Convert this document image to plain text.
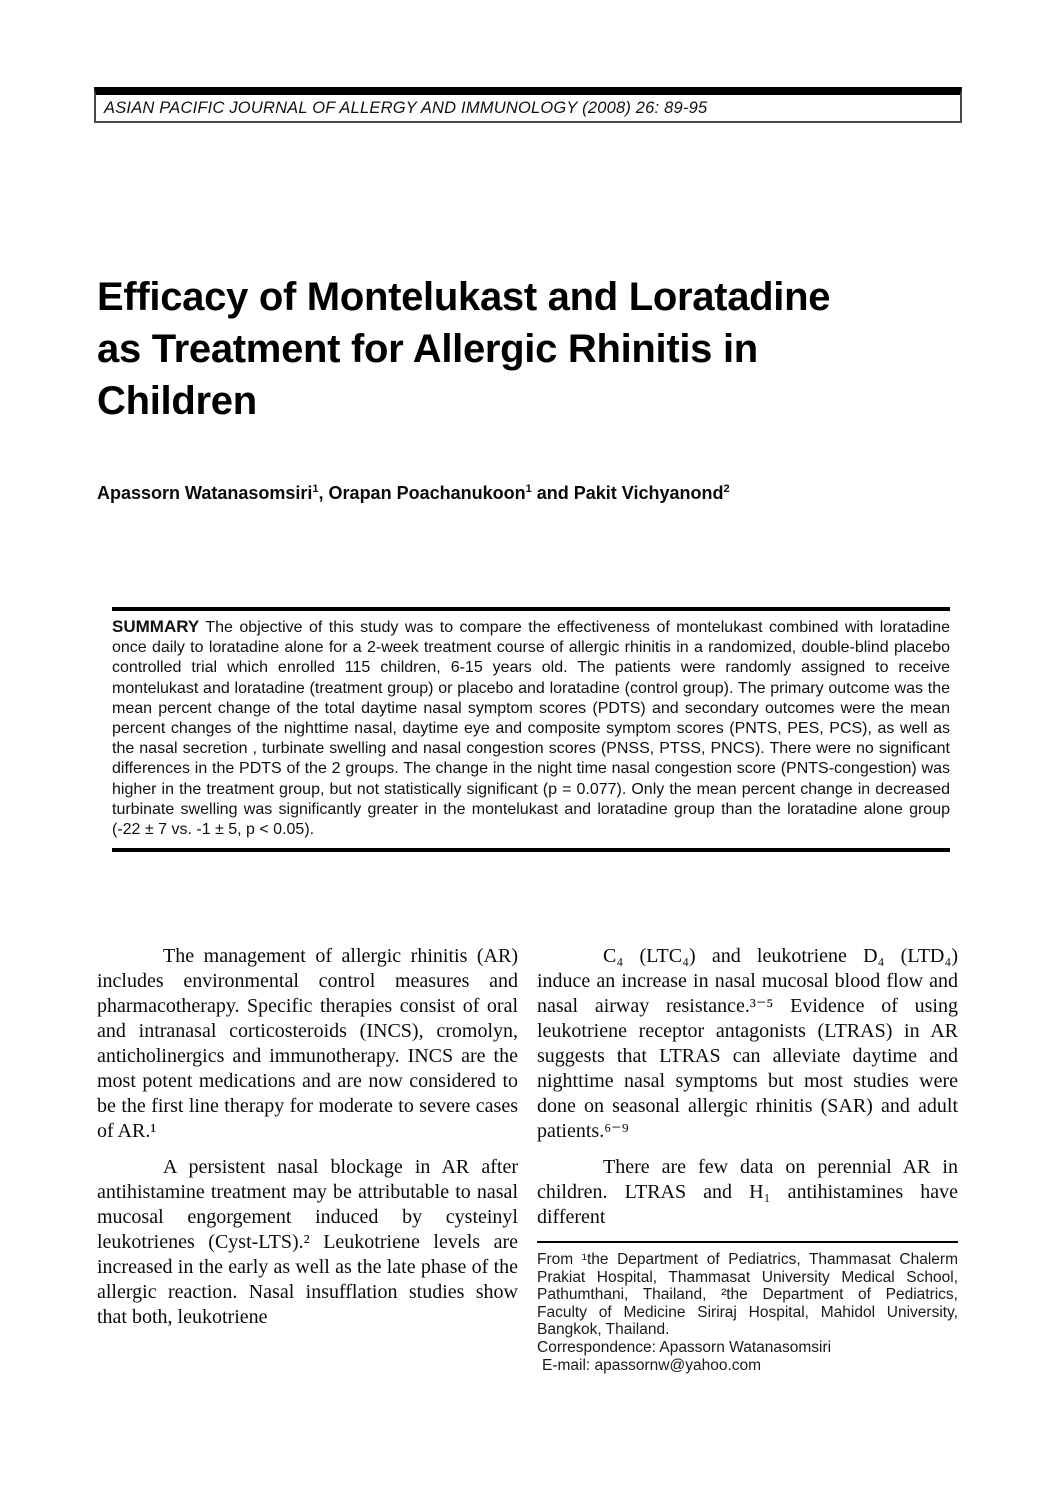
ASIAN PACIFIC JOURNAL OF ALLERGY AND IMMUNOLOGY (2008) 26: 89-95
Efficacy of Montelukast and Loratadine
as Treatment for Allergic Rhinitis in
Children
Apassorn Watanasomsiri$^1$, Orapan Poachanukoon$^1$ and Pakit Vichyanond$^2$

SUMMARY The objective of this study was to compare the effectiveness of montelukast combined with loratadine once daily to loratadine alone for a 2-week treatment course of allergic rhinitis in a randomized, double-blind placebo controlled trial which enrolled 115 children, 6-15 years old. The patients were randomly assigned to receive montelukast and loratadine (treatment group) or placebo and loratadine (control group). The primary outcome was the mean percent change of the total daytime nasal symptom scores (PDTS) and secondary outcomes were the mean percent changes of the nighttime nasal, daytime eye and composite symptom scores (PNTS, PES, PCS), as well as the nasal secretion , turbinate swelling and nasal congestion scores (PNSS, PTSS, PNCS). There were no significant differences in the PDTS of the 2 groups. The change in the night time nasal congestion score (PNTS-congestion) was higher in the treatment group, but not statistically significant (p = 0.077). Only the mean percent change in decreased turbinate swelling was significantly greater in the montelukast and loratadine group than the loratadine alone group (-22 ± 7 vs. -1 ± 5, p < 0.05).

The management of allergic rhinitis (AR) includes environmental control measures and pharmacotherapy. Specific therapies consist of oral and intranasal corticosteroids (INCS), cromolyn, anticholinergics and immunotherapy. INCS are the most potent medications and are now considered to be the first line therapy for moderate to severe cases of AR.¹

A persistent nasal blockage in AR after antihistamine treatment may be attributable to nasal mucosal engorgement induced by cysteinyl leukotrienes (Cyst-LTS).² Leukotriene levels are increased in the early as well as the late phase of the allergic reaction. Nasal insufflation studies show that both, leukotriene

C₄ (LTC₄) and leukotriene D₄ (LTD₄) induce an increase in nasal mucosal blood flow and nasal airway resistance.³⁻⁵ Evidence of using leukotriene receptor antagonists (LTRAS) in AR suggests that LTRAS can alleviate daytime and nighttime nasal symptoms but most studies were done on seasonal allergic rhinitis (SAR) and adult patients.⁶⁻⁹

There are few data on perennial AR in children. LTRAS and H₁ antihistamines have different

From ¹the Department of Pediatrics, Thammasat Chalerm Prakiat Hospital, Thammasat University Medical School, Pathumthani, Thailand, ²the Department of Pediatrics, Faculty of Medicine Siriraj Hospital, Mahidol University, Bangkok, Thailand.

Correspondence: Apassorn Watanasomsiri
E-mail: apassornw@yahoo.com
